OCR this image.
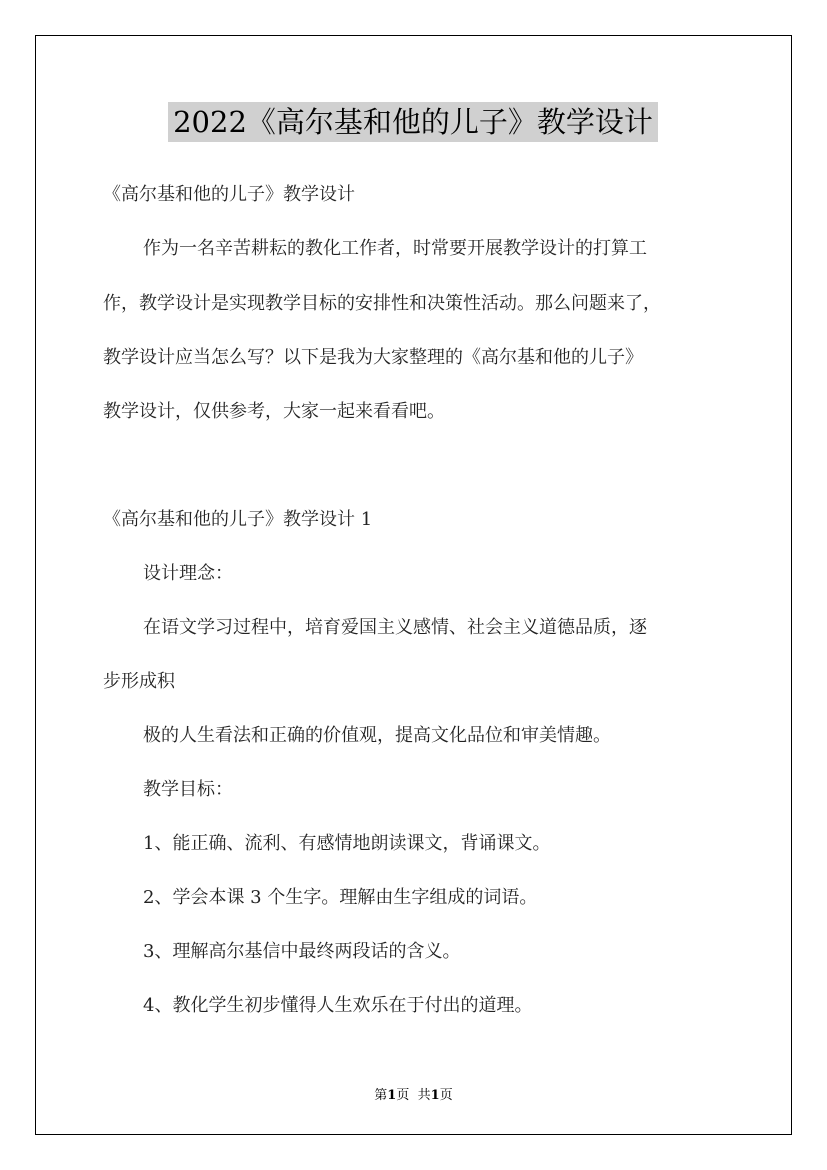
2022《高尔基和他的儿子》教学设计
《高尔基和他的儿子》教学设计
作为一名辛苦耕耘的教化工作者，时常要开展教学设计的打算工
作，教学设计是实现教学目标的安排性和决策性活动。那么问题来了，
教学设计应当怎么写？以下是我为大家整理的《高尔基和他的儿子》
教学设计，仅供参考，大家一起来看看吧。
《高尔基和他的儿子》教学设计 1
设计理念：
在语文学习过程中，培育爱国主义感情、社会主义道德品质，逐
步形成积
极的人生看法和正确的价值观，提高文化品位和审美情趣。
教学目标：
1、能正确、流利、有感情地朗读课文，背诵课文。
2、学会本课 3 个生字。理解由生字组成的词语。
3、理解高尔基信中最终两段话的含义。
4、教化学生初步懂得人生欢乐在于付出的道理。
第1页 共1页
